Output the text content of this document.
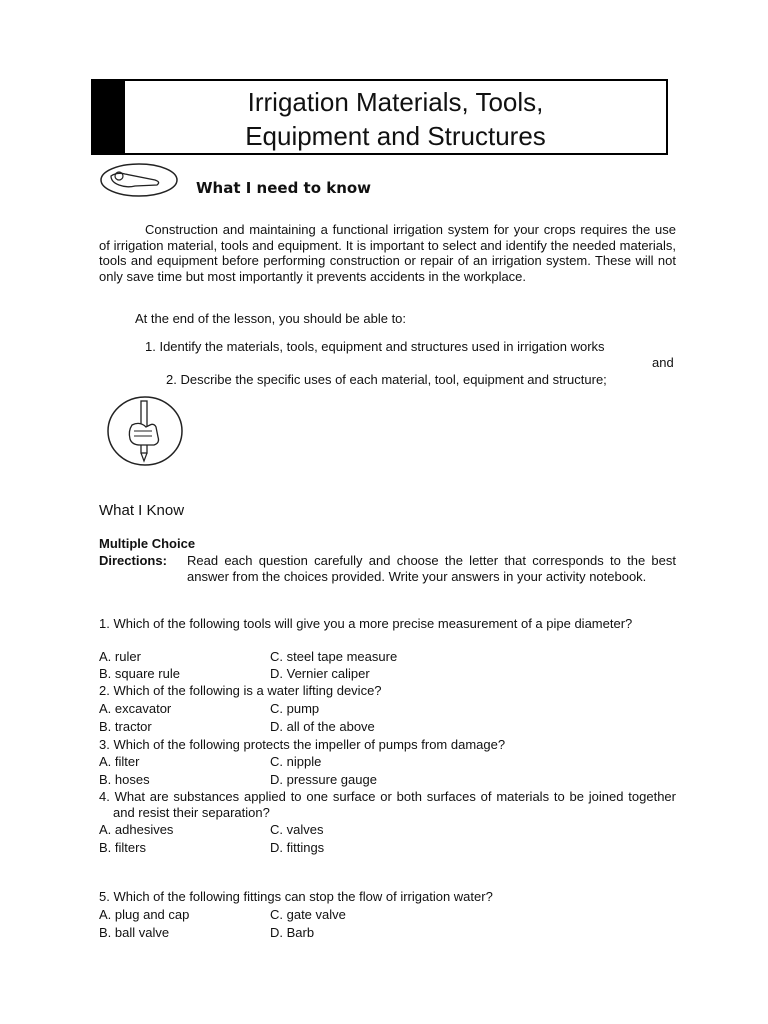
Irrigation Materials, Tools,
Equipment and Structures
What I need to know

Construction and maintaining a functional irrigation system for your crops requires the use of irrigation material, tools and equipment. It is important to select and identify the needed materials, tools and equipment before performing construction or repair of an irrigation system. These will not only save time but most importantly it prevents accidents in the workplace.

At the end of the lesson, you should be able to:
1. Identify the materials, tools, equipment and structures used in irrigation works
and
2. Describe the specific uses of each material, tool, equipment and structure;
What I Know
Multiple Choice
Directions: Read each question carefully and choose the letter that corresponds to the best answer from the choices provided. Write your answers in your activity notebook.
1. Which of the following tools will give you a more precise measurement of a pipe diameter?
A. ruler	C. steel tape measure
B. square rule	D. Vernier caliper
2. Which of the following is a water lifting device?
A. excavator	C. pump
B. tractor	D. all of the above
3. Which of the following protects the impeller of pumps from damage?
A. filter	C. nipple
B. hoses	D. pressure gauge
4. What are substances applied to one surface or both surfaces of materials to be joined together and resist their separation?
A. adhesives	C. valves
B. filters	D. fittings
5. Which of the following fittings can stop the flow of irrigation water?
A. plug and cap	C. gate valve
B. ball valve	D. Barb
